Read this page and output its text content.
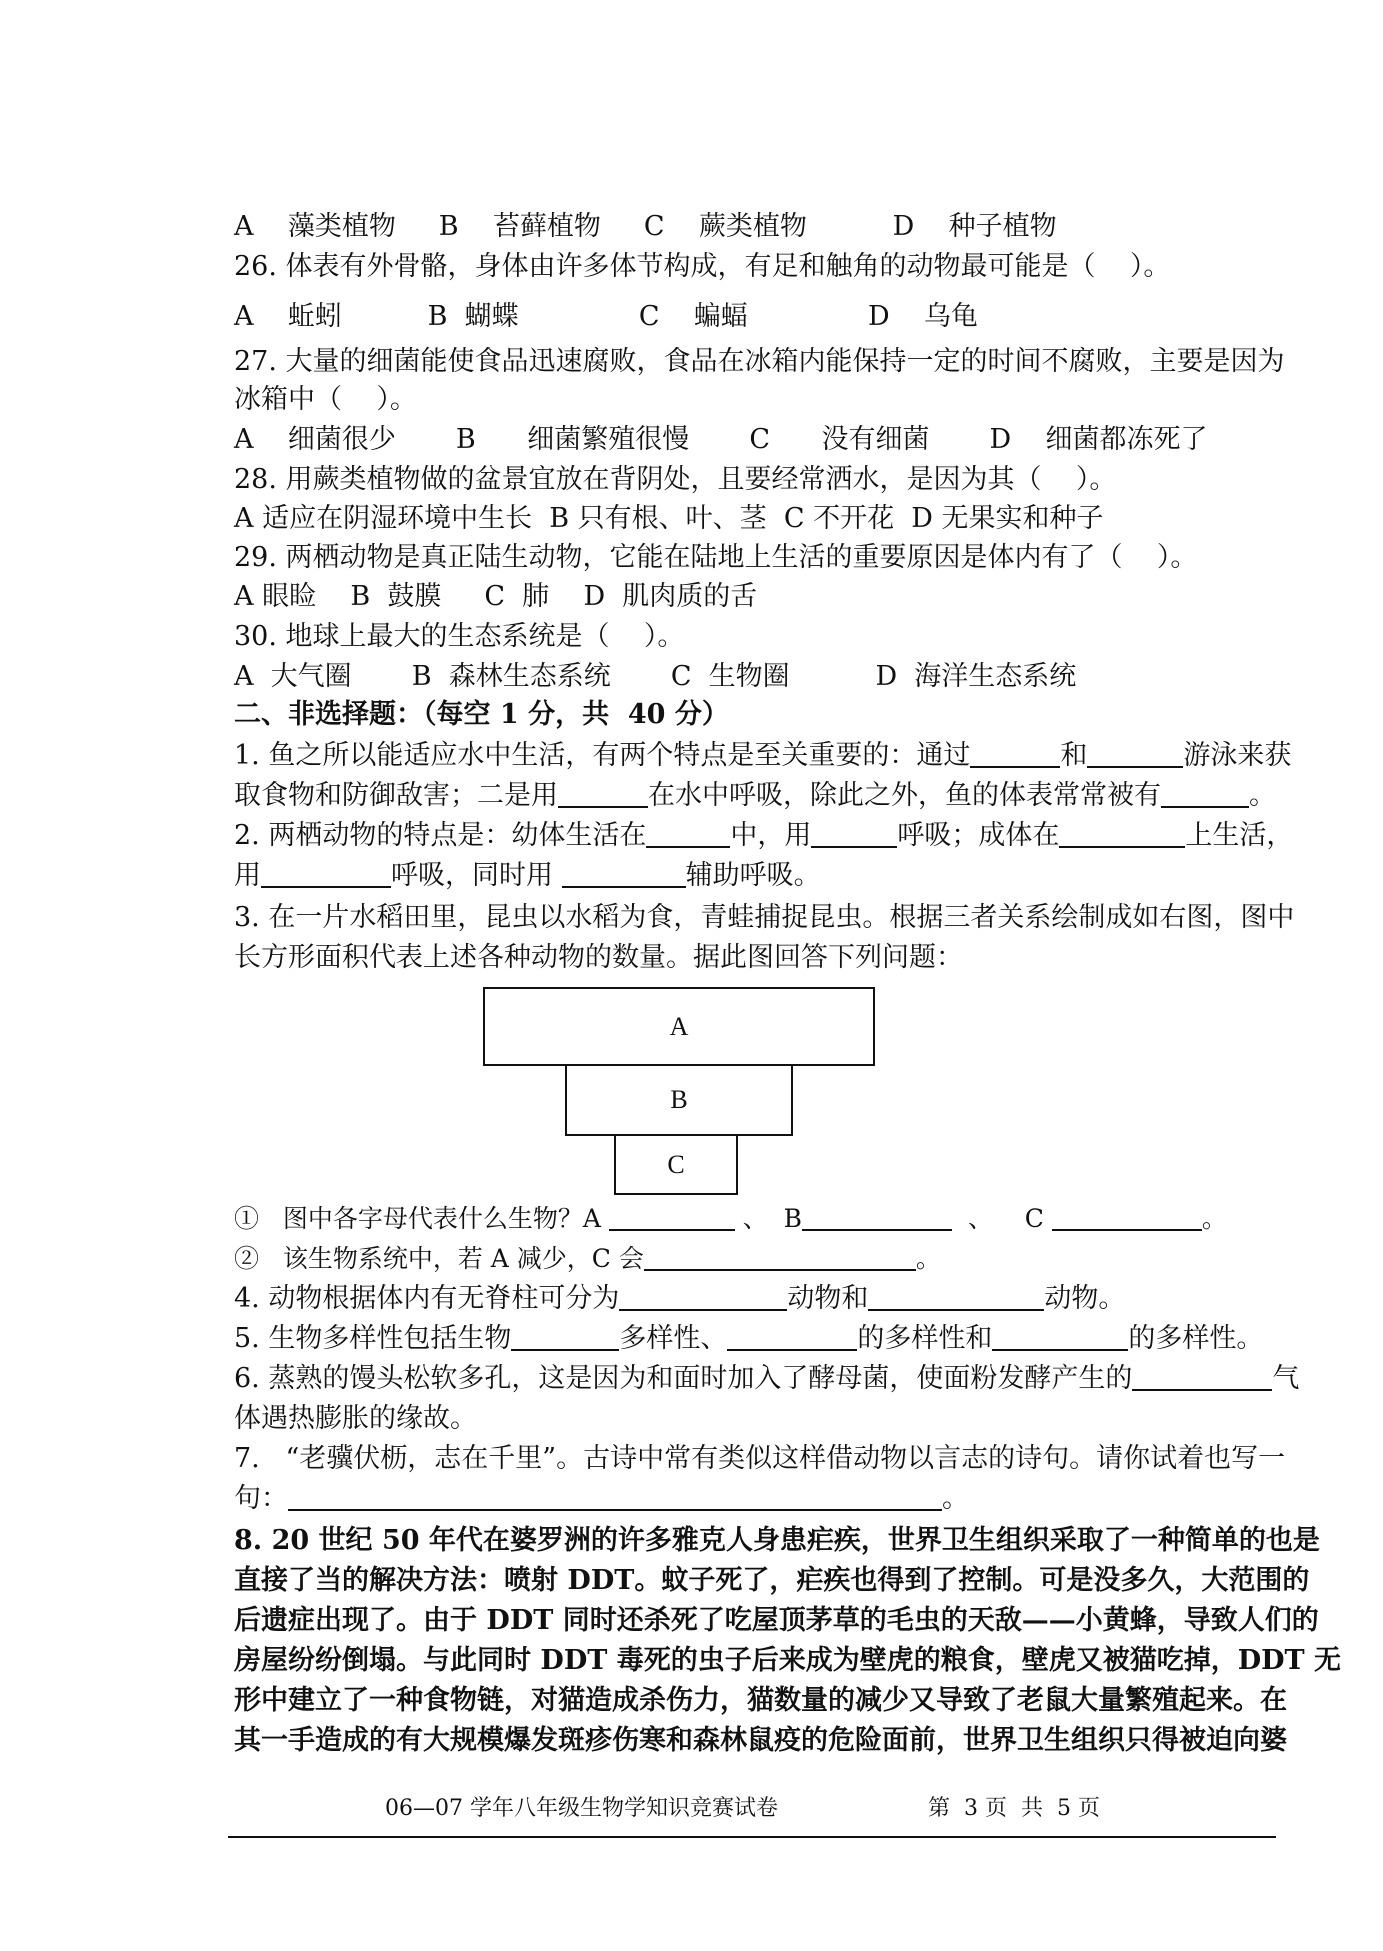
A    藻类植物     B    苔藓植物     C    蕨类植物          D    种子植物
26. 体表有外骨骼，身体由许多体节构成，有足和触角的动物最可能是（    ）。
A    蚯蚓          B  蝴蝶              C    蝙蝠              D    乌龟
27. 大量的细菌能使食品迅速腐败，食品在冰箱内能保持一定的时间不腐败，主要是因为
冰箱中（    ）。
A    细菌很少       B      细菌繁殖很慢       C      没有细菌       D    细菌都冻死了
28. 用蕨类植物做的盆景宜放在背阴处，且要经常洒水，是因为其（    ）。
A 适应在阴湿环境中生长  B 只有根、叶、茎  C 不开花  D 无果实和种子
29. 两栖动物是真正陆生动物，它能在陆地上生活的重要原因是体内有了（    ）。
A 眼睑    B  鼓膜     C  肺    D  肌肉质的舌
30. 地球上最大的生态系统是（    ）。
A  大气圈       B  森林生态系统       C  生物圈          D  海洋生态系统
二、非选择题：（每空 1 分，共  40 分）
1. 鱼之所以能适应水中生活，有两个特点是至关重要的：通过	和	游泳来获
取食物和防御敌害；二是用	在水中呼吸，除此之外，鱼的体表常常被有	。
2. 两栖动物的特点是：幼体生活在	中，用	呼吸；成体在	上生活，
用	呼吸，同时用	辅助呼吸。
3. 在一片水稻田里，昆虫以水稻为食，青蛙捕捉昆虫。根据三者关系绘制成如右图，图中
长方形面积代表上述各种动物的数量。据此图回答下列问题：
A
B
C
①   图中各字母代表什么生物？A	、  B	、    C	。
②   该生物系统中，若 A 减少，C 会	。
4. 动物根据体内有无脊柱可分为	动物和	动物。
5. 生物多样性包括生物	多样性、	的多样性和	的多样性。
6. 蒸熟的馒头松软多孔，这是因为和面时加入了酵母菌，使面粉发酵产生的	气
体遇热膨胀的缘故。
7.   “老骥伏枥，志在千里”。古诗中常有类似这样借动物以言志的诗句。请你试着也写一
句：	。
8. 20 世纪 50 年代在婆罗洲的许多雅克人身患疟疾，世界卫生组织采取了一种简单的也是
直接了当的解决方法：喷射 DDT。蚊子死了，疟疾也得到了控制。可是没多久，大范围的
后遗症出现了。由于 DDT 同时还杀死了吃屋顶茅草的毛虫的天敌——小黄蜂，导致人们的
房屋纷纷倒塌。与此同时 DDT 毒死的虫子后来成为壁虎的粮食，壁虎又被猫吃掉，DDT 无
形中建立了一种食物链，对猫造成杀伤力，猫数量的减少又导致了老鼠大量繁殖起来。在
其一手造成的有大规模爆发斑疹伤寒和森林鼠疫的危险面前，世界卫生组织只得被迫向婆
06—07 学年八年级生物学知识竞赛试卷	第  3 页  共  5 页
